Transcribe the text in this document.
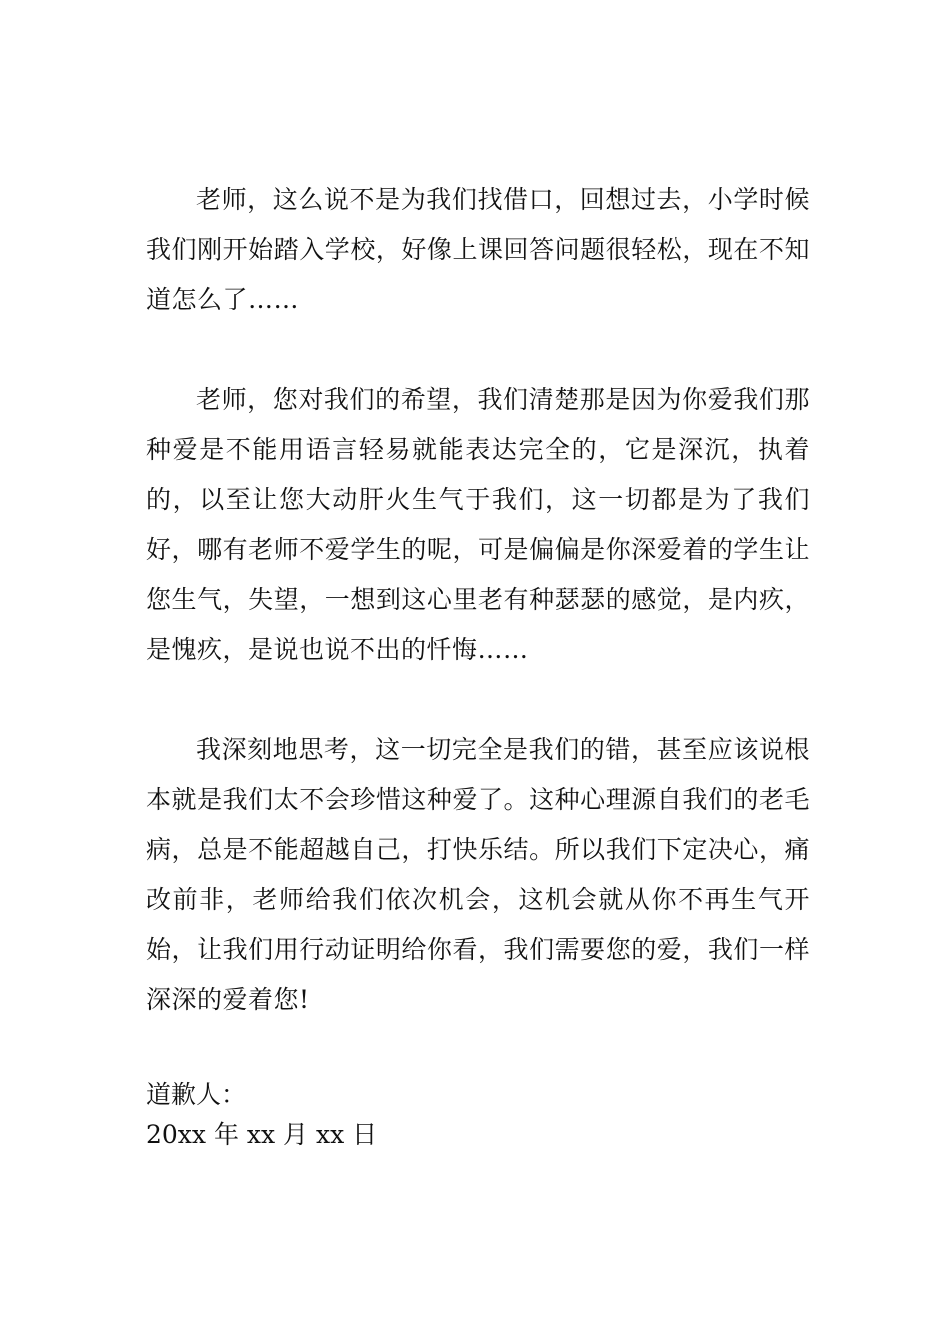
老师，这么说不是为我们找借口，回想过去，小学时候我们刚开始踏入学校，好像上课回答问题很轻松，现在不知道怎么了……

老师，您对我们的希望，我们清楚那是因为你爱我们那种爱是不能用语言轻易就能表达完全的，它是深沉，执着的，以至让您大动肝火生气于我们，这一切都是为了我们好，哪有老师不爱学生的呢，可是偏偏是你深爱着的学生让您生气，失望，一想到这心里老有种瑟瑟的感觉，是内疚，是愧疚，是说也说不出的忏悔……

我深刻地思考，这一切完全是我们的错，甚至应该说根本就是我们太不会珍惜这种爱了。这种心理源自我们的老毛病，总是不能超越自己，打快乐结。所以我们下定决心，痛改前非，老师给我们依次机会，这机会就从你不再生气开始，让我们用行动证明给你看，我们需要您的爱，我们一样深深的爱着您!

道歉人：

20xx 年 xx 月 xx 日
